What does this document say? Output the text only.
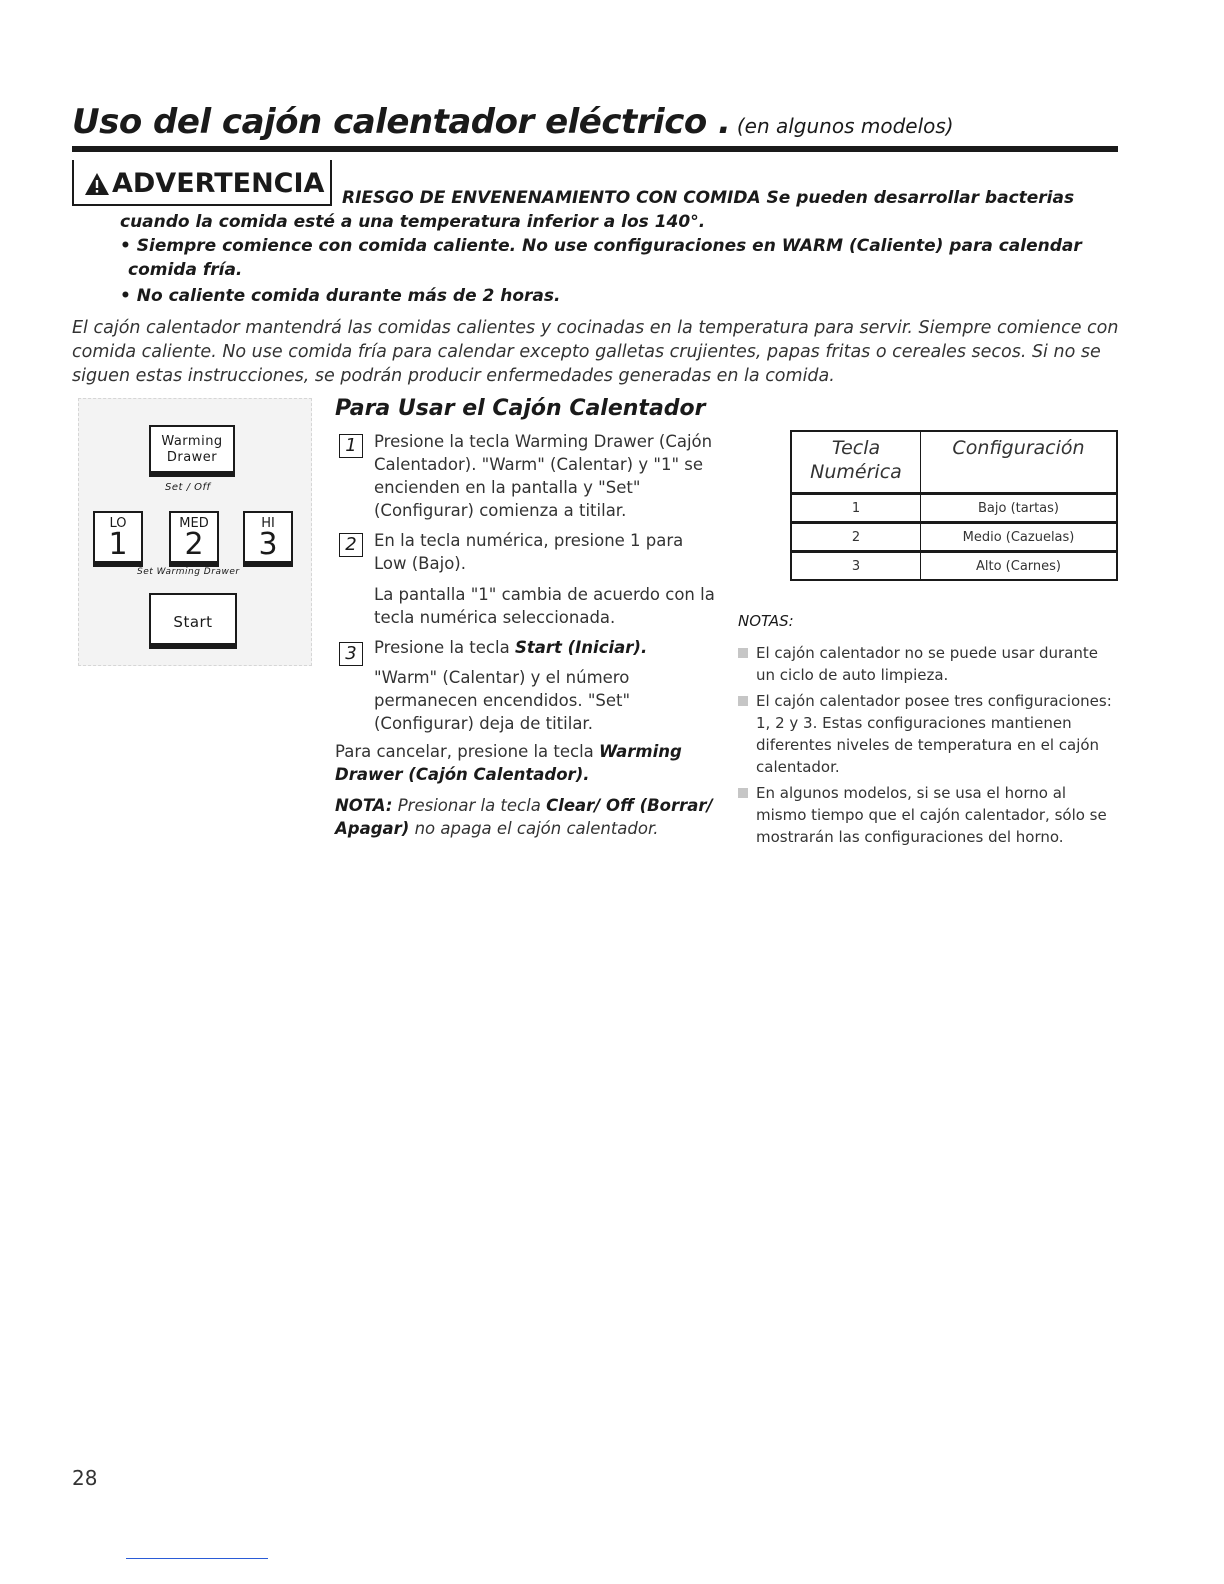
Uso del cajón calentador eléctrico . (en algunos modelos)
ADVERTENCIA RIESGO DE ENVENENAMIENTO CON COMIDA Se pueden desarrollar bacterias
cuando la comida esté a una temperatura inferior a los 140°.
• Siempre comience con comida caliente. No use configuraciones en WARM (Caliente) para calendar
comida fría.
• No caliente comida durante más de 2 horas.
El cajón calentador mantendrá las comidas calientes y cocinadas en la temperatura para servir. Siempre comience con comida caliente. No use comida fría para calendar excepto galletas crujientes, papas fritas o cereales secos. Si no se siguen estas instrucciones, se podrán producir enfermedades generadas en la comida.
Warming
Drawer
Set / Off
LO
1
MED
2
HI
3
Set Warming Drawer
Start
Para Usar el Cajón Calentador
1	Presione la tecla Warming Drawer (Cajón Calentador). "Warm" (Calentar) y "1" se encienden en la pantalla y "Set" (Configurar) comienza a titilar.
2	En la tecla numérica, presione 1 para Low (Bajo).
La pantalla "1" cambia de acuerdo con la tecla numérica seleccionada.
3	Presione la tecla Start (Iniciar).
"Warm" (Calentar) y el número permanecen encendidos. "Set" (Configurar) deja de titilar.
Para cancelar, presione la tecla Warming Drawer (Cajón Calentador).
NOTA: Presionar la tecla Clear/ Off (Borrar/ Apagar) no apaga el cajón calentador.
Tecla Numérica	Configuración
1	Bajo (tartas)
2	Medio (Cazuelas)
3	Alto (Carnes)
NOTAS:
El cajón calentador no se puede usar durante un ciclo de auto limpieza.
El cajón calentador posee tres configuraciones: 1, 2 y 3. Estas configuraciones mantienen diferentes niveles de temperatura en el cajón calentador.
En algunos modelos, si se usa el horno al mismo tiempo que el cajón calentador, sólo se mostrarán las configuraciones del horno.
28
